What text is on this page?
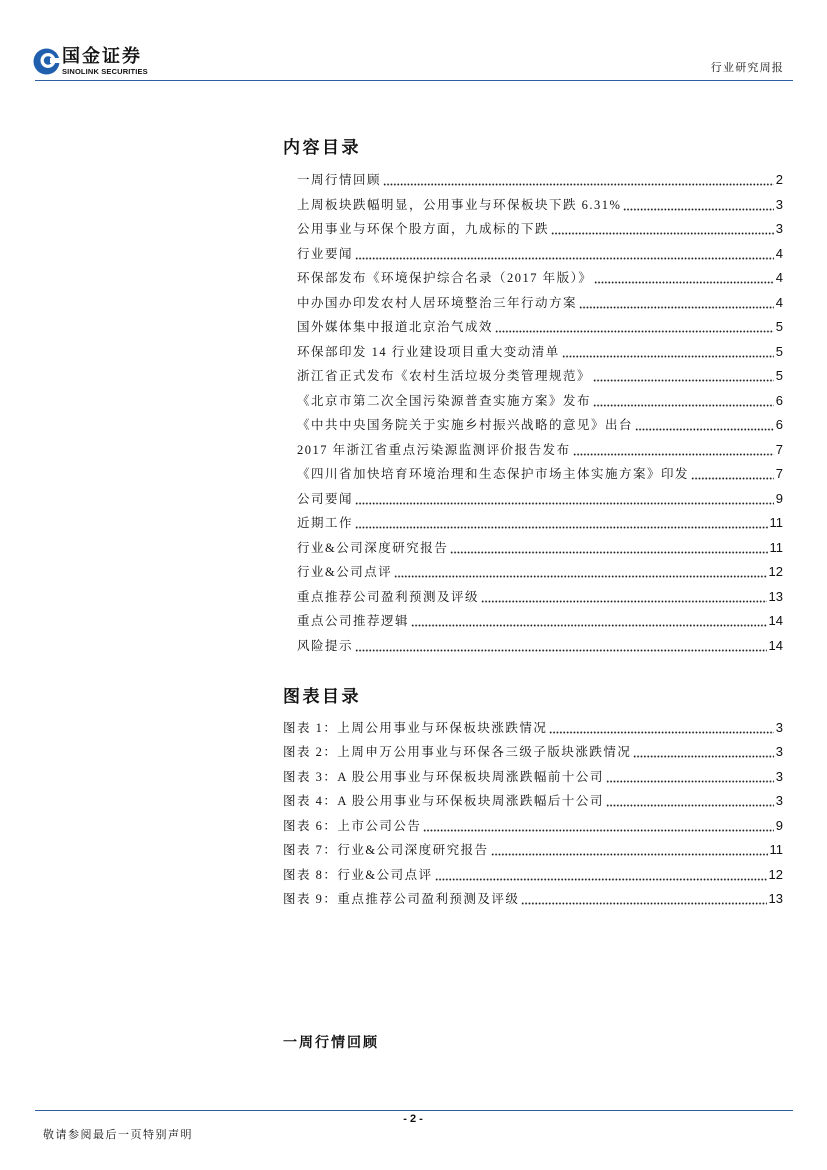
国金证券
SINOLINK SECURITIES	行业研究周报
内容目录
一周行情回顾	2
上周板块跌幅明显，公用事业与环保板块下跌 6.31%	3
公用事业与环保个股方面，九成标的下跌	3
行业要闻	4
环保部发布《环境保护综合名录（2017 年版）》	4
中办国办印发农村人居环境整治三年行动方案	4
国外媒体集中报道北京治气成效	5
环保部印发 14 行业建设项目重大变动清单	5
浙江省正式发布《农村生活垃圾分类管理规范》	5
《北京市第二次全国污染源普查实施方案》发布	6
《中共中央国务院关于实施乡村振兴战略的意见》出台	6
2017 年浙江省重点污染源监测评价报告发布	7
《四川省加快培育环境治理和生态保护市场主体实施方案》印发	7
公司要闻	9
近期工作	11
行业&公司深度研究报告	11
行业&公司点评	12
重点推荐公司盈利预测及评级	13
重点公司推荐逻辑	14
风险提示	14
图表目录
图表 1：上周公用事业与环保板块涨跌情况	3
图表 2：上周申万公用事业与环保各三级子版块涨跌情况	3
图表 3：A 股公用事业与环保板块周涨跌幅前十公司	3
图表 4：A 股公用事业与环保板块周涨跌幅后十公司	3
图表 6：上市公司公告	9
图表 7：行业&公司深度研究报告	11
图表 8：行业&公司点评	12
图表 9：重点推荐公司盈利预测及评级	13
一周行情回顾
- 2 -
敬请参阅最后一页特别声明
